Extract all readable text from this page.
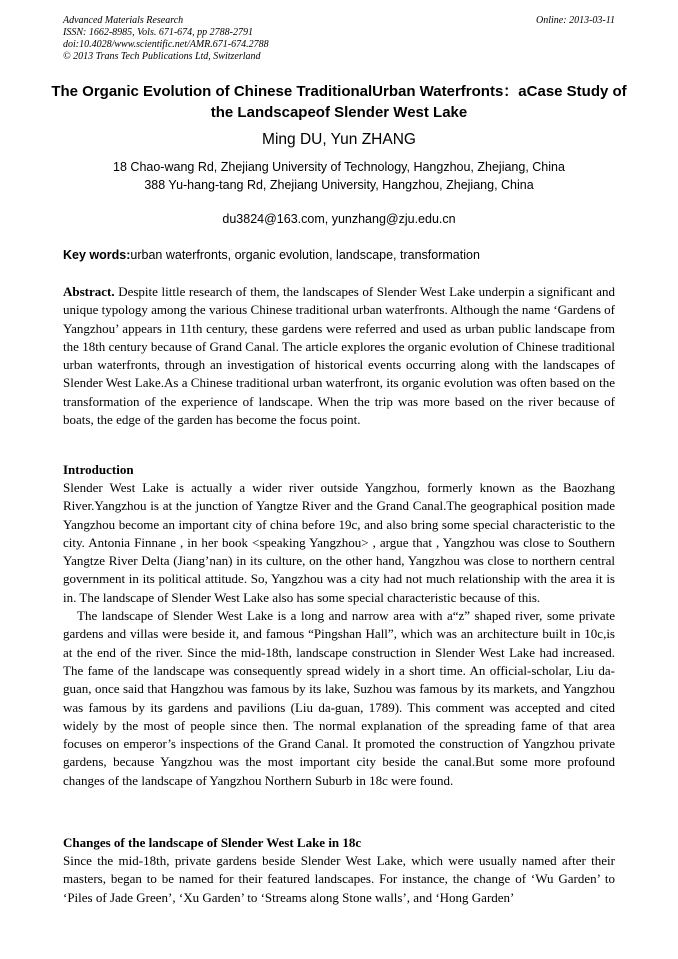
Advanced Materials Research
ISSN: 1662-8985, Vols. 671-674, pp 2788-2791
doi:10.4028/www.scientific.net/AMR.671-674.2788
© 2013 Trans Tech Publications Ltd, Switzerland
Online: 2013-03-11
The Organic Evolution of Chinese TraditionalUrban Waterfronts：aCase Study of the Landscapeof Slender West Lake
Ming DU, Yun ZHANG
18 Chao-wang Rd, Zhejiang University of Technology, Hangzhou, Zhejiang, China
388 Yu-hang-tang Rd, Zhejiang University, Hangzhou, Zhejiang, China
du3824@163.com, yunzhang@zju.edu.cn
Key words:urban waterfronts, organic evolution, landscape, transformation

Abstract. Despite little research of them, the landscapes of Slender West Lake underpin a significant and unique typology among the various Chinese traditional urban waterfronts. Although the name ‘Gardens of Yangzhou’ appears in 11th century, these gardens were referred and used as urban public landscape from the 18th century because of Grand Canal. The article explores the organic evolution of Chinese traditional urban waterfronts, through an investigation of historical events occurring along with the landscapes of Slender West Lake.As a Chinese traditional urban waterfront, its organic evolution was often based on the transformation of the experience of landscape. When the trip was more based on the river because of boats, the edge of the garden has become the focus point.

Introduction

Slender West Lake is actually a wider river outside Yangzhou, formerly known as the Baozhang River.Yangzhou is at the junction of Yangtze River and the Grand Canal.The geographical position made Yangzhou become an important city of china before 19c, and also bring some special characteristic to the city. Antonia Finnane , in her book <speaking Yangzhou> , argue that , Yangzhou was close to Southern Yangtze River Delta (Jiang’nan) in its culture, on the other hand, Yangzhou was close to northern central government in its political attitude. So, Yangzhou was a city had not much relationship with the area it is in. The landscape of Slender West Lake also has some special characteristic because of this.

The landscape of Slender West Lake is a long and narrow area with a“z” shaped river, some private gardens and villas were beside it, and famous “Pingshan Hall”, which was an architecture built in 10c,is at the end of the river. Since the mid-18th, landscape construction in Slender West Lake had increased. The fame of the landscape was consequently spread widely in a short time. An official-scholar, Liu da-guan, once said that Hangzhou was famous by its lake, Suzhou was famous by its markets, and Yangzhou was famous by its gardens and pavilions (Liu da-guan, 1789). This comment was accepted and cited widely by the most of people since then. The normal explanation of the spreading fame of that area focuses on emperor’s inspections of the Grand Canal. It promoted the construction of Yangzhou private gardens, because Yangzhou was the most important city beside the canal.But some more profound changes of the landscape of Yangzhou Northern Suburb in 18c were found.

Changes of the landscape of Slender West Lake in 18c

Since the mid-18th, private gardens beside Slender West Lake, which were usually named after their masters, began to be named for their featured landscapes. For instance, the change of ‘Wu Garden’ to ‘Piles of Jade Green’, ‘Xu Garden’ to ‘Streams along Stone walls’, and ‘Hong Garden’
